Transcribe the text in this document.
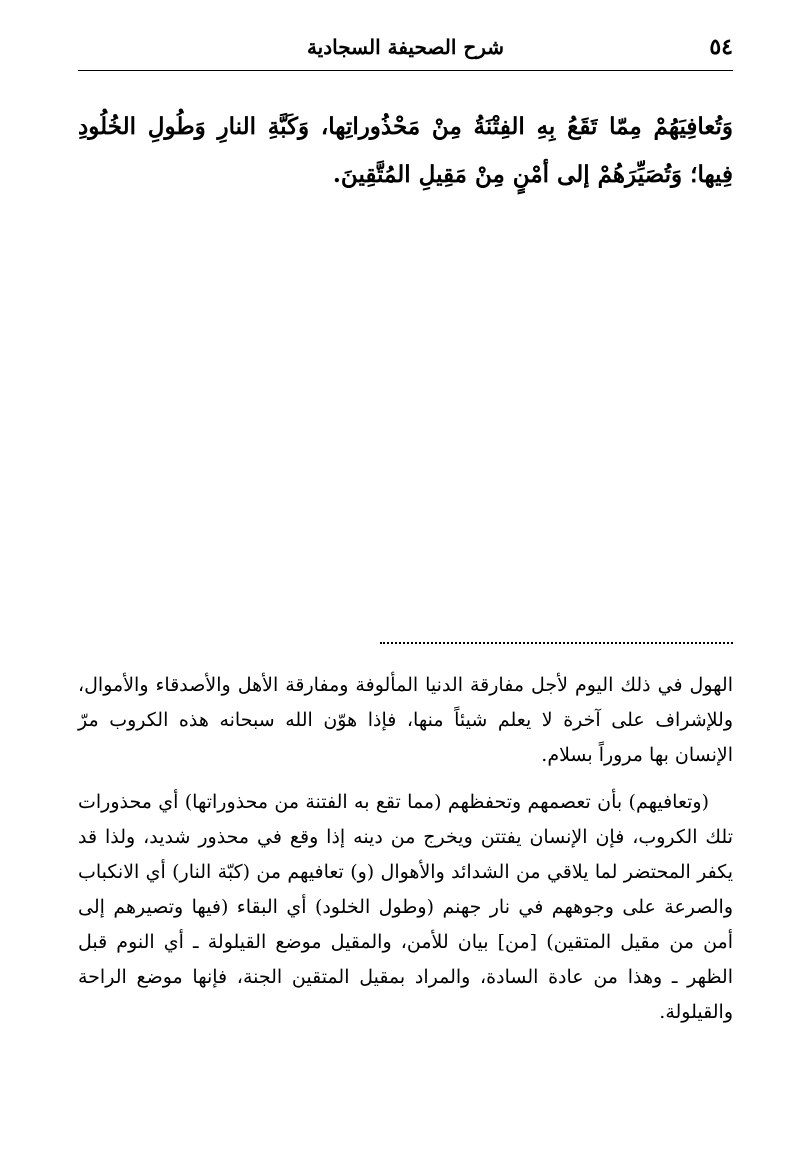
٥٤
شرح الصحيفة السجادية

وَتُعافِيَهُمْ مِمّا تَقَعُ بِهِ الفِتْنَةُ مِنْ مَحْذُوراتِها، وَكَبَّةِ النارِ وَطُولِ الخُلُودِ فِيها؛ وَتُصَيِّرَهُمْ إلى أمْنٍ مِنْ مَقِيلِ المُتَّقِينَ.

الهول في ذلك اليوم لأجل مفارقة الدنيا المألوفة ومفارقة الأهل والأصدقاء والأموال، وللإشراف على آخرة لا يعلم شيئاً منها، فإذا هوّن الله سبحانه هذه الكروب مرّ الإنسان بها مروراً بسلام.

(وتعافيهم) بأن تعصمهم وتحفظهم (مما تقع به الفتنة من محذوراتها) أي محذورات تلك الكروب، فإن الإنسان يفتتن ويخرج من دينه إذا وقع في محذور شديد، ولذا قد يكفر المحتضر لما يلاقي من الشدائد والأهوال (و) تعافيهم من (كبّة النار) أي الانكباب والصرعة على وجوههم في نار جهنم (وطول الخلود) أي البقاء (فيها وتصيرهم إلى أمن من مقيل المتقين) [من] بيان للأمن، والمقيل موضع القيلولة ـ أي النوم قبل الظهر ـ وهذا من عادة السادة، والمراد بمقيل المتقين الجنة، فإنها موضع الراحة والقيلولة.
